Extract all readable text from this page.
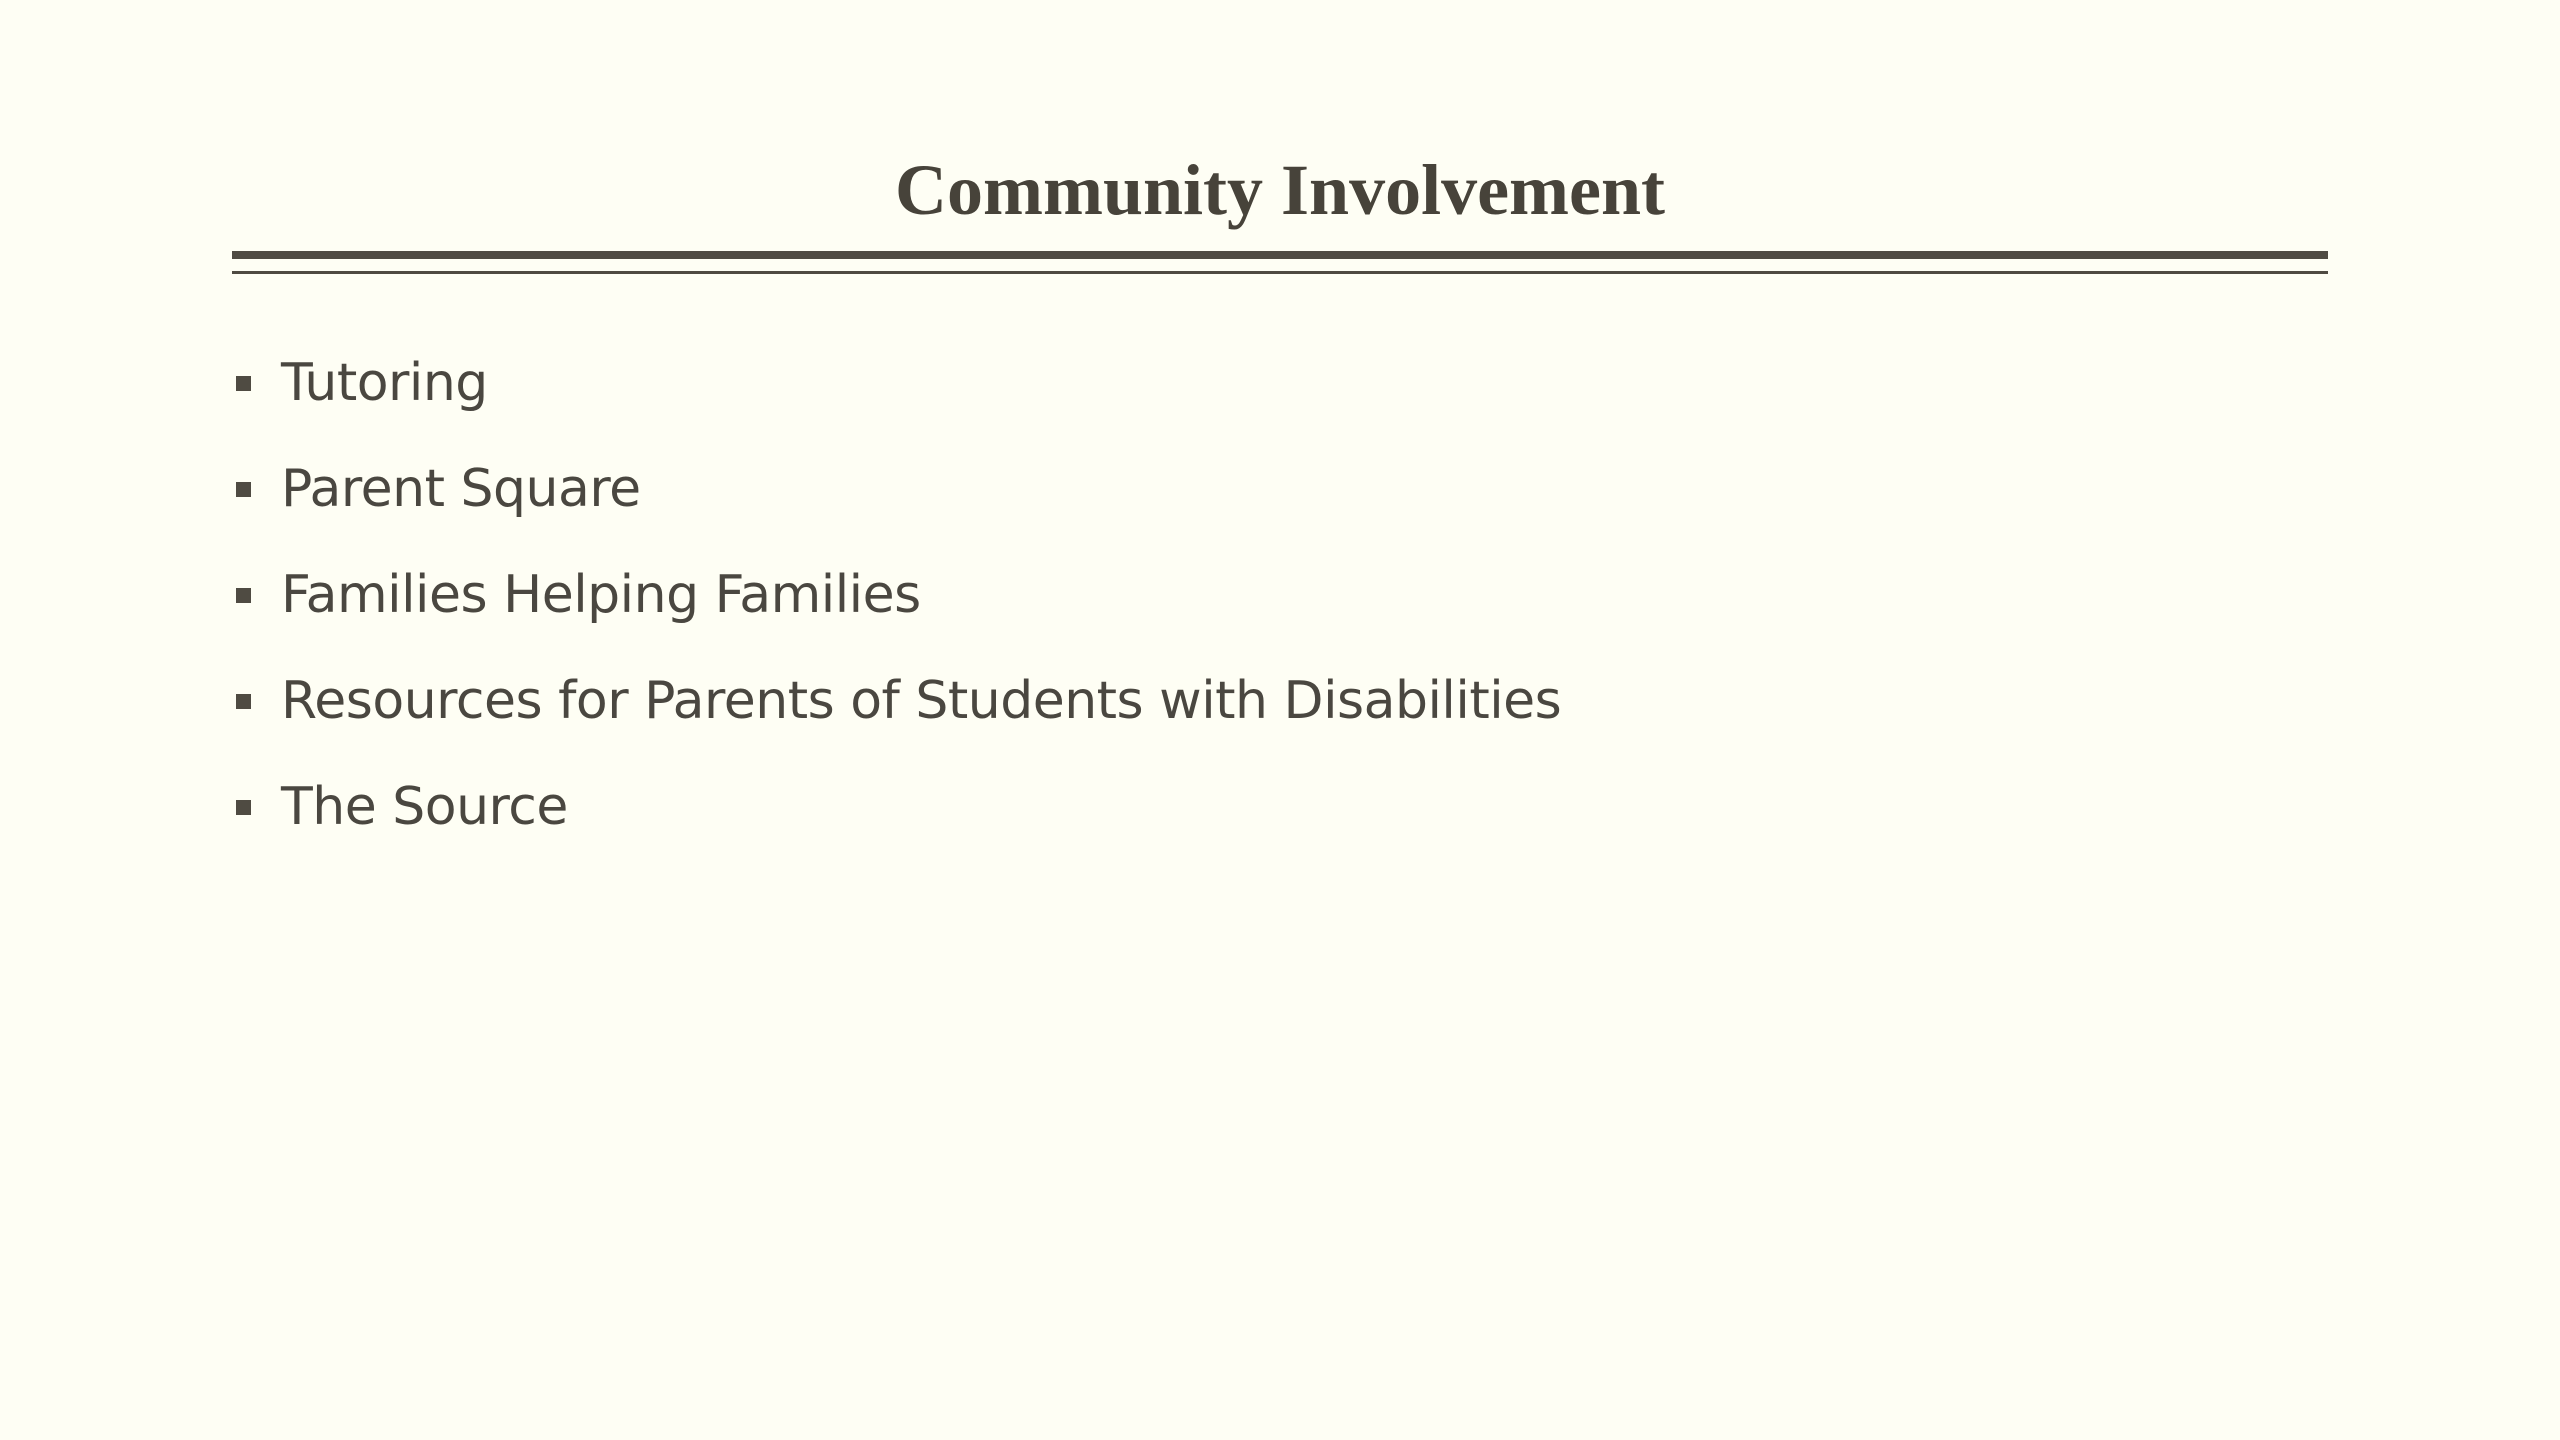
Community Involvement
Tutoring
Parent Square
Families Helping Families
Resources for Parents of Students with Disabilities
The Source
